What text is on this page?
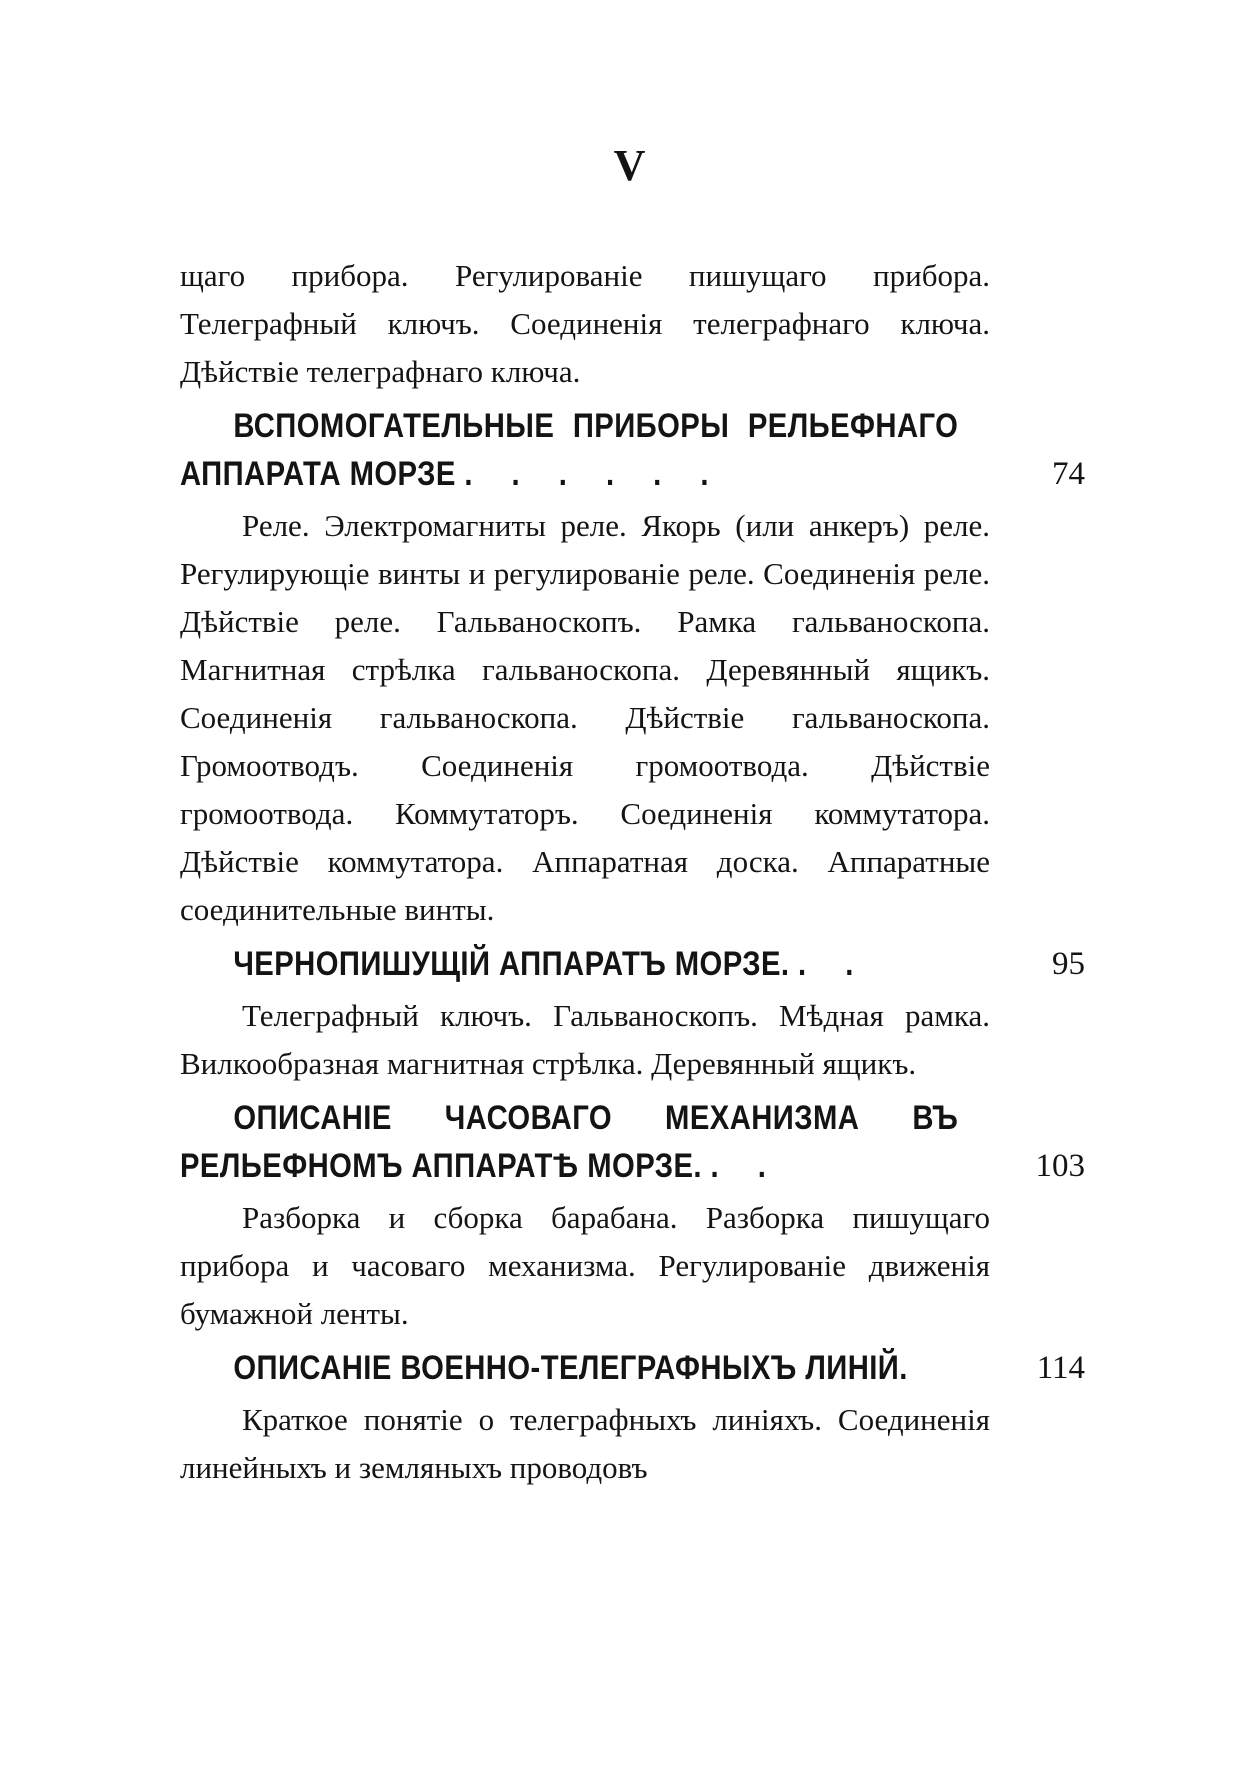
V

щаго прибора. Регулированіе пишущаго прибора. Телеграфный ключъ. Соединенія телеграфнаго ключа. Дѣйствіе телеграфнаго ключа.

ВСПОМОГАТЕЛЬНЫЕ ПРИБОРЫ РЕЛЬЕФНАГО АППАРАТА МОРЗЕ . . . . . .	74

Реле. Электромагниты реле. Якорь (или анкеръ) реле. Регулирующіе винты и регулированіе реле. Соединенія реле. Дѣйствіе реле. Гальваноскопъ. Рамка гальваноскопа. Магнитная стрѣлка гальваноскопа. Деревянный ящикъ. Соединенія гальваноскопа. Дѣйствіе гальваноскопа. Громоотводъ. Соединенія громоотвода. Дѣйствіе громоотвода. Коммутаторъ. Соединенія коммутатора. Дѣйствіе коммутатора. Аппаратная доска. Аппаратные соединительные винты.

ЧЕРНОПИШУЩІЙ АППАРАТЪ МОРЗЕ. . .	95

Телеграфный ключъ. Гальваноскопъ. Мѣдная рамка. Вилкообразная магнитная стрѣлка. Деревянный ящикъ.

ОПИСАНІЕ ЧАСОВАГО МЕХАНИЗМА ВЪ РЕЛЬЕФНОМЪ АППАРАТѢ МОРЗЕ. . .	103

Разборка и сборка барабана. Разборка пишущаго прибора и часоваго механизма. Регулированіе движенія бумажной ленты.

ОПИСАНІЕ ВОЕННО-ТЕЛЕГРАФНЫХЪ ЛИНІЙ.	114

Краткое понятіе о телеграфныхъ линіяхъ. Соединенія линейныхъ и земляныхъ проводовъ
